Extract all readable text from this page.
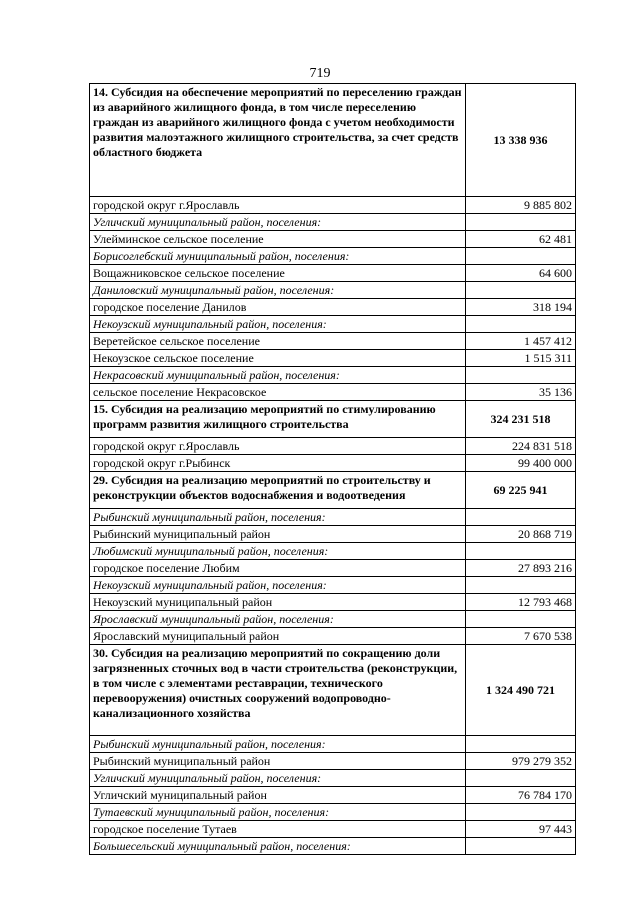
719
14. Субсидия на обеспечение мероприятий по переселению граждан из аварийного жилищного фонда, в том числе переселению граждан из аварийного жилищного фонда с учетом необходимости развития малоэтажного жилищного строительства, за счет средств областного бюджета	13 338 936
городской округ г.Ярославль	9 885 802
Угличский муниципальный район, поселения:	
Улейминское сельское поселение	62 481
Борисоглебский муниципальный район, поселения:	
Вощажниковское сельское поселение	64 600
Даниловский муниципальный район, поселения:	
городское поселение Данилов	318 194
Некоузский муниципальный район, поселения:	
Веретейское сельское поселение	1 457 412
Некоузское сельское поселение	1 515 311
Некрасовский муниципальный район, поселения:	
сельское поселение Некрасовское	35 136
15. Субсидия на реализацию мероприятий по стимулированию программ развития жилищного строительства	324 231 518
городской округ г.Ярославль	224 831 518
городской округ г.Рыбинск	99 400 000
29. Субсидия на реализацию мероприятий по строительству и реконструкции объектов водоснабжения и водоотведения	69 225 941
Рыбинский муниципальный район, поселения:	
Рыбинский муниципальный район	20 868 719
Любимский муниципальный район, поселения:	
городское поселение Любим	27 893 216
Некоузский муниципальный район, поселения:	
Некоузский муниципальный район	12 793 468
Ярославский муниципальный район, поселения:	
Ярославский муниципальный район	7 670 538
30. Субсидия на реализацию мероприятий по сокращению доли загрязненных сточных вод в части строительства (реконструкции, в том числе с элементами реставрации, технического перевооружения) очистных сооружений водопроводно-канализационного хозяйства	1 324 490 721
Рыбинский муниципальный район, поселения:	
Рыбинский муниципальный район	979 279 352
Угличский муниципальный район, поселения:	
Угличский муниципальный район	76 784 170
Тутаевский муниципальный район, поселения:	
городское поселение Тутаев	97 443
Большесельский муниципальный район, поселения:	
